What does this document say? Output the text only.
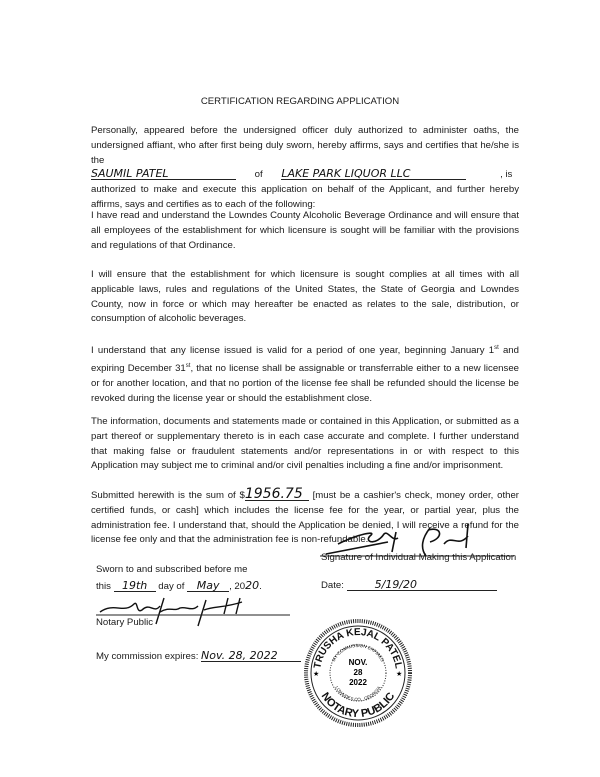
CERTIFICATION REGARDING APPLICATION
Personally, appeared before the undersigned officer duly authorized to administer oaths, the undersigned affiant, who after first being duly sworn, hereby affirms, says and certifies that he/she is the
SAUMIL PATEL	of LAKE PARK LIQUOR LLC	, is
authorized to make and execute this application on behalf of the Applicant, and further hereby affirms, says and certifies as to each of the following:
I have read and understand the Lowndes County Alcoholic Beverage Ordinance and will ensure that all employees of the establishment for which licensure is sought will be familiar with the provisions and regulations of that Ordinance.
I will ensure that the establishment for which licensure is sought complies at all times with all applicable laws, rules and regulations of the United States, the State of Georgia and Lowndes County, now in force or which may hereafter be enacted as relates to the sale, distribution, or consumption of alcoholic beverages.
I understand that any license issued is valid for a period of one year, beginning January 1st and expiring December 31st, that no license shall be assignable or transferrable either to a new licensee or for another location, and that no portion of the license fee shall be refunded should the license be revoked during the license year or should the establishment close.
The information, documents and statements made or contained in this Application, or submitted as a part thereof or supplementary thereto is in each case accurate and complete. I further understand that making false or fraudulent statements and/or representations in or with respect to this Application may subject me to criminal and/or civil penalties including a fine and/or imprisonment.
Submitted herewith is the sum of $1956.75 [must be a cashier's check, money order, other certified funds, or cash] which includes the license fee for the year, or partial year, plus the administration fee. I understand that, should the Application be denied, I will receive a refund for the license fee only and that the administration fee is non-refundable.
Signature of Individual Making this Application
Sworn to and subscribed before me
this 19th day of May , 2020.	Date:	5/19/20
Notary Public
My commission expires: Nov. 28, 2022
TRUSHA KEJAL PATEL
NOTARY PUBLIC
MY COMMISSION EXPIRES
LOWNDES CO., GEORGIA
NOV.
28
2022
★	★
